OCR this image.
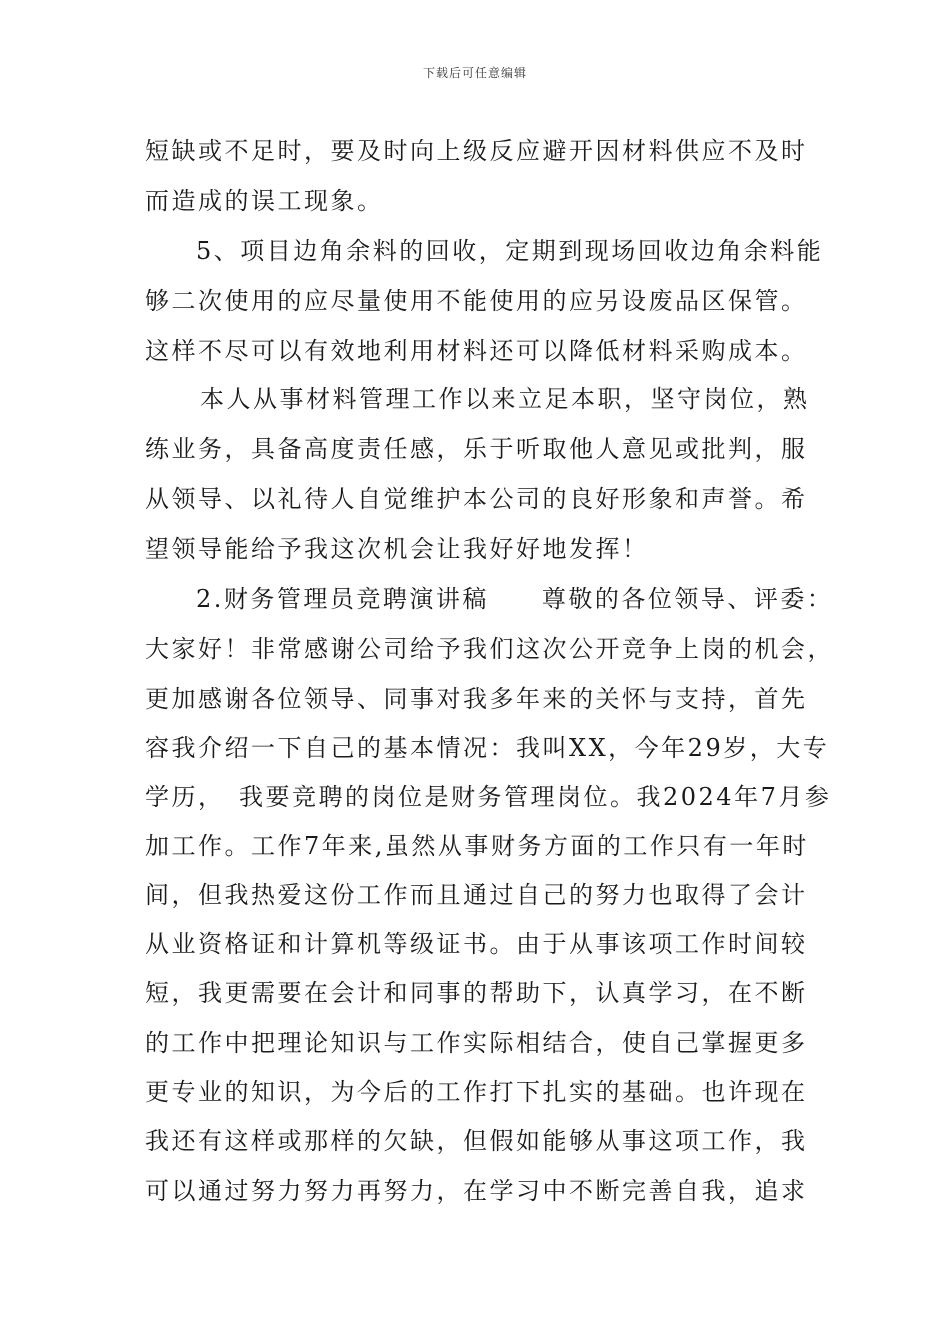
下载后可任意编辑
短缺或不足时，要及时向上级反应避开因材料供应不及时
而造成的误工现象。
5、项目边角余料的回收，定期到现场回收边角余料能
够二次使用的应尽量使用不能使用的应另设废品区保管。
这样不尽可以有效地利用材料还可以降低材料采购成本。
本人从事材料管理工作以来立足本职，坚守岗位，熟
练业务，具备高度责任感，乐于听取他人意见或批判，服
从领导、以礼待人自觉维护本公司的良好形象和声誉。希
望领导能给予我这次机会让我好好地发挥！
2.财务管理员竞聘演讲稿　　尊敬的各位领导、评委：
大家好！非常感谢公司给予我们这次公开竞争上岗的机会，
更加感谢各位领导、同事对我多年来的关怀与支持，首先
容我介绍一下自己的基本情况：我叫XX，今年29岁，大专
学历，　我要竞聘的岗位是财务管理岗位。我2024年7月参
加工作。工作7年来,虽然从事财务方面的工作只有一年时
间，但我热爱这份工作而且通过自己的努力也取得了会计
从业资格证和计算机等级证书。由于从事该项工作时间较
短，我更需要在会计和同事的帮助下，认真学习，在不断
的工作中把理论知识与工作实际相结合，使自己掌握更多
更专业的知识，为今后的工作打下扎实的基础。也许现在
我还有这样或那样的欠缺，但假如能够从事这项工作，我
可以通过努力努力再努力，在学习中不断完善自我，追求
